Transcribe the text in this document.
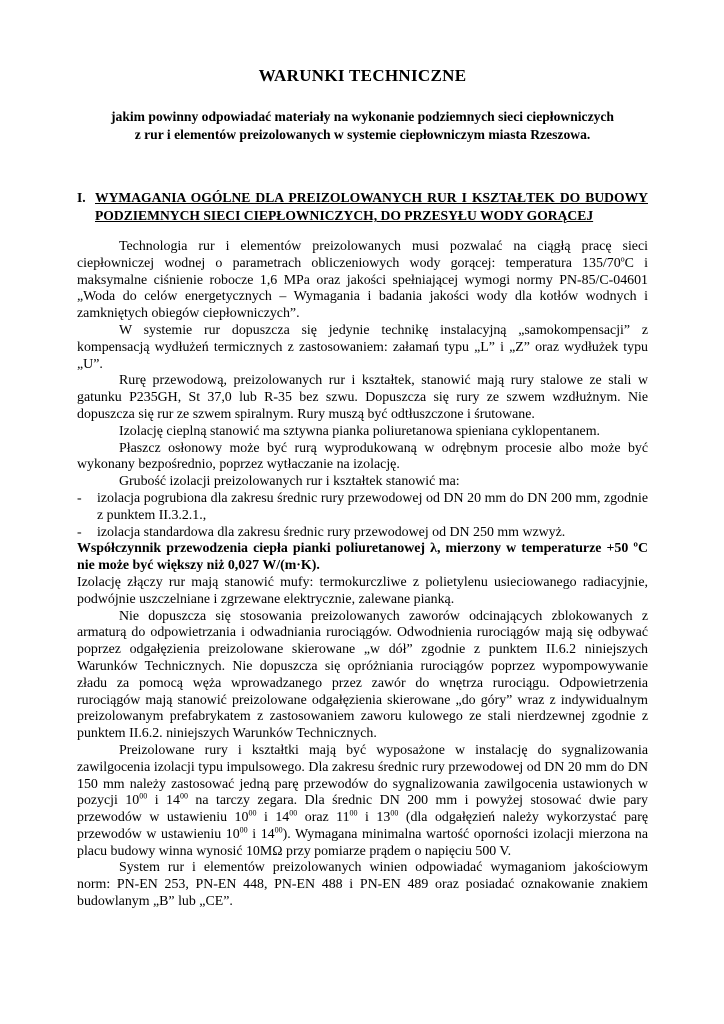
WARUNKI TECHNICZNE

jakim powinny odpowiadać materiały na wykonanie podziemnych sieci ciepłowniczych

z rur i elementów preizolowanych w systemie ciepłowniczym miasta Rzeszowa.

I. WYMAGANIA OGÓLNE DLA PREIZOLOWANYCH RUR I KSZTAŁTEK DO BUDOWY PODZIEMNYCH SIECI CIEPŁOWNICZYCH, DO PRZESYŁU WODY GORĄCEJ

Technologia rur i elementów preizolowanych musi pozwalać na ciągłą pracę sieci ciepłowniczej wodnej o parametrach obliczeniowych wody gorącej: temperatura 135/70$^o$C i maksymalne ciśnienie robocze 1,6 MPa oraz jakości spełniającej wymogi normy PN-85/C-04601 „Woda do celów energetycznych – Wymagania i badania jakości wody dla kotłów wodnych i zamkniętych obiegów ciepłowniczych”.

W systemie rur dopuszcza się jedynie technikę instalacyjną „samokompensacji” z kompensacją wydłużeń termicznych z zastosowaniem: załamań typu „L” i „Z” oraz wydłużek typu „U”.

Rurę przewodową, preizolowanych rur i kształtek, stanowić mają rury stalowe ze stali w gatunku P235GH, St 37,0 lub R-35 bez szwu. Dopuszcza się rury ze szwem wzdłużnym. Nie dopuszcza się rur ze szwem spiralnym. Rury muszą być odtłuszczone i śrutowane.

Izolację cieplną stanowić ma sztywna pianka poliuretanowa spieniana cyklopentanem.

Płaszcz osłonowy może być rurą wyprodukowaną w odrębnym procesie albo może być wykonany bezpośrednio, poprzez wytłaczanie na izolację.

Grubość izolacji preizolowanych rur i kształtek stanowić ma:

-	izolacja pogrubiona dla zakresu średnic rury przewodowej od DN 20 mm do DN 200 mm, zgodnie z punktem II.3.2.1.,
-	izolacja standardowa dla zakresu średnic rury przewodowej od DN 250 mm wzwyż.

Współczynnik przewodzenia ciepła pianki poliuretanowej λ, mierzony w temperaturze +50 ºC nie może być większy niż 0,027 W/(m·K).

Izolację złączy rur mają stanowić mufy: termokurczliwe z polietylenu usieciowanego radiacyjnie, podwójnie uszczelniane i zgrzewane elektrycznie, zalewane pianką.

Nie dopuszcza się stosowania preizolowanych zaworów odcinających zblokowanych z armaturą do odpowietrzania i odwadniania rurociągów. Odwodnienia rurociągów mają się odbywać poprzez odgałęzienia preizolowane skierowane „w dół” zgodnie z punktem II.6.2 niniejszych Warunków Technicznych. Nie dopuszcza się opróżniania rurociągów poprzez wypompowywanie zładu za pomocą węża wprowadzanego przez zawór do wnętrza rurociągu. Odpowietrzenia rurociągów mają stanowić preizolowane odgałęzienia skierowane „do góry” wraz z indywidualnym preizolowanym prefabrykatem z zastosowaniem zaworu kulowego ze stali nierdzewnej zgodnie z punktem II.6.2. niniejszych Warunków Technicznych.

Preizolowane rury i kształtki mają być wyposażone w instalację do sygnalizowania zawilgocenia izolacji typu impulsowego. Dla zakresu średnic rury przewodowej od DN 20 mm do DN 150 mm należy zastosować jedną parę przewodów do sygnalizowania zawilgocenia ustawionych w pozycji $10^{00}$ i $14^{00}$ na tarczy zegara. Dla średnic DN 200 mm i powyżej stosować dwie pary przewodów w ustawieniu $10^{00}$ i $14^{00}$ oraz $11^{00}$ i $13^{00}$ (dla odgałęzień należy wykorzystać parę przewodów w ustawieniu $10^{00}$ i $14^{00}$). Wymagana minimalna wartość oporności izolacji mierzona na placu budowy winna wynosić 10MΩ przy pomiarze prądem o napięciu 500 V.

System rur i elementów preizolowanych winien odpowiadać wymaganiom jakościowym norm: PN-EN 253, PN-EN 448, PN-EN 488 i PN-EN 489 oraz posiadać oznakowanie znakiem budowlanym „B” lub „CE”.
